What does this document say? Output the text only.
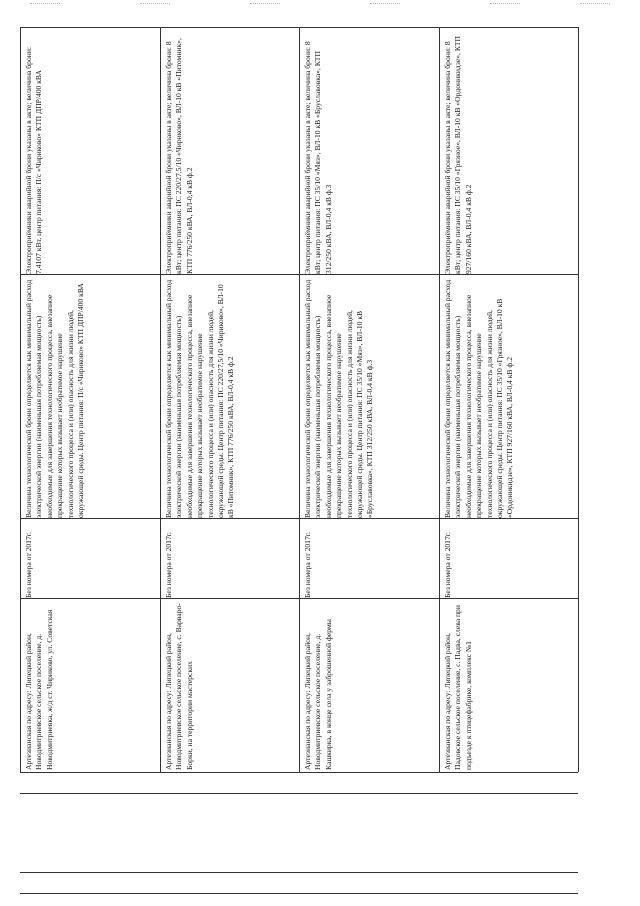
Артезианская по адресу: Липецкий район, Новодмитриевское сельское поселение, д. Новодмитриевка, ж/д ст. Чириково, ул. Советская

Без номера от 2017г.

Величина технологической брони определяется как минимальный расход электрической энергии (наименьшая потребляемая мощность) необходимые для завершения технологического процесса, внезапное прекращение которых вызывает необратимое нарушение технологического процесса и (или) опасность для жизни людей, окружающей среды. Центр питания: П/с «Чириково» КТП ДПР/400 кВА

Электроприёмники аварийной брони указаны в акте; величина брони: 7,4107 кВт, центр питания: П/с «Чириково» КТП ДПР/400 кВА

Артезианская по адресу: Липецкий район, Новодмитриевское сельское поселение, с. Варваро-Борки, на территории мастерских

Без номера от 2017г.

Величина технологической брони определяется как минимальный расход электрической энергии (наименьшая потребляемая мощность) необходимые для завершения технологического процесса, внезапное прекращение которых вызывает необратимое нарушение технологического процесса и (или) опасность для жизни людей, окружающей среды. Центр питания: ПС 220/27,5/10 «Чириково», ВЛ-10 кВ «Питомник», КТП 776/250 кВА, ВЛ-0,4 кВ ф.2

Электроприёмники аварийной брони указаны в акте; величина брони: 8 кВт; центр питания: ПС 220/27,5/10 «Чириково», ВЛ-10 кВ «Питомник», КТП 776/250 кВА, ВЛ-0,4 кВ ф.2

Артезианская по адресу: Липецкий район, Новодмитриевское сельское поселение, д. Кашкирка, в конце села у заброшенной фермы

Без номера от 2017г.

Величина технологической брони определяется как минимальный расход электрической энергии (наименьшая потребляемая мощность) необходимые для завершения технологического процесса, внезапное прекращение которых вызывает необратимое нарушение технологического процесса и (или) опасность для жизни людей, окружающей среды. Центр питания: ПС 35/10 «Мяз», ВЛ-10 кВ «Бруславовка», КТП 312/250 кВА, ВЛ-0,4 кВ ф.3

Электроприёмники аварийной брони указаны в акте; величина брони: 8 кВт; центр питания: ПС 35/10 «Мяз», ВЛ-10 кВ «Бруславовка», КТП 312/250 кВА, ВЛ-0,4 кВ ф.3

Артезианская по адресу: Липецкий район, Падовское сельское поселение, с. Падва, слева при подъезде к птицефабрике, комплекс №1

Без номера от 2017г.

Величина технологической брони определяется как минимальный расход электрической энергии (наименьшая потребляемая мощность) необходимые для завершения технологического процесса, внезапное прекращение которых вызывает необратимое нарушение технологического процесса и (или) опасность для жизни людей, окружающей среды. Центр питания: ПС 35/10 «Грязное», ВЛ-10 кВ «Ордоникидзе», КТП 927/160 кВА, ВЛ-0,4 кВ ф.2

Электроприёмники аварийной брони указаны в акте; величина брони: 8 кВт; центр питания: ПС 35/10 «Грязное», ВЛ-10 кВ «Ордоникидзе», КТП 927/160 кВА, ВЛ-0,4 кВ ф.2
